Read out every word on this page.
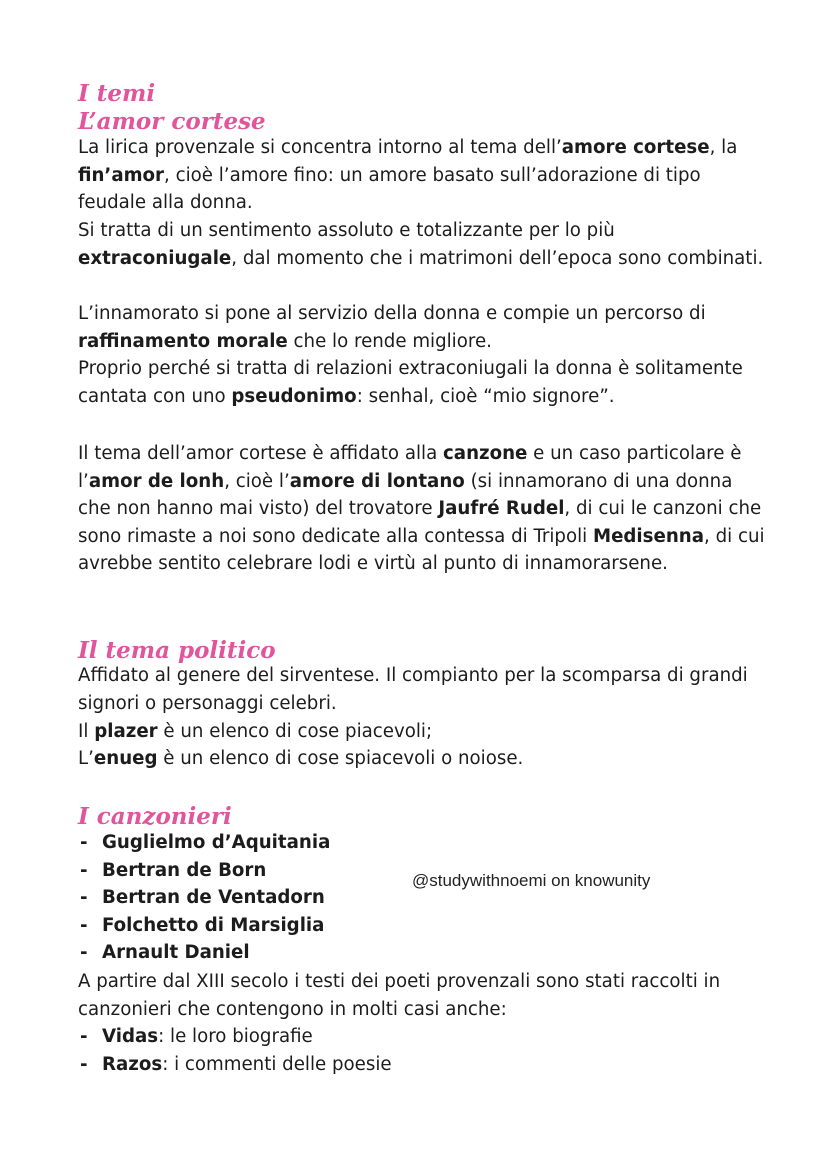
I temi
L’amor cortese

La lirica provenzale si concentra intorno al tema dell’amore cortese, la fin’amor, cioè l’amore fino: un amore basato sull’adorazione di tipo feudale alla donna.

Si tratta di un sentimento assoluto e totalizzante per lo più extraconiugale, dal momento che i matrimoni dell’epoca sono combinati.

L’innamorato si pone al servizio della donna e compie un percorso di raffinamento morale che lo rende migliore.

Proprio perché si tratta di relazioni extraconiugali la donna è solitamente cantata con uno pseudonimo: senhal, cioè “mio signore”.

Il tema dell’amor cortese è affidato alla canzone e un caso particolare è l’amor de lonh, cioè l’amore di lontano (si innamorano di una donna che non hanno mai visto) del trovatore Jaufré Rudel, di cui le canzoni che sono rimaste a noi sono dedicate alla contessa di Tripoli Medisenna, di cui avrebbe sentito celebrare lodi e virtù al punto di innamorarsene.

Il tema politico

Affidato al genere del sirventese. Il compianto per la scomparsa di grandi signori o personaggi celebri.

Il plazer è un elenco di cose piacevoli;

L’enueg è un elenco di cose spiacevoli o noiose.

I canzonieri
- Guglielmo d’Aquitania
- Bertran de Born
- Bertran de Ventadorn
- Folchetto di Marsiglia
- Arnault Daniel

@studywithnoemi on knowunity

A partire dal XIII secolo i testi dei poeti provenzali sono stati raccolti in canzonieri che contengono in molti casi anche:

- Vidas: le loro biografie
- Razos: i commenti delle poesie
